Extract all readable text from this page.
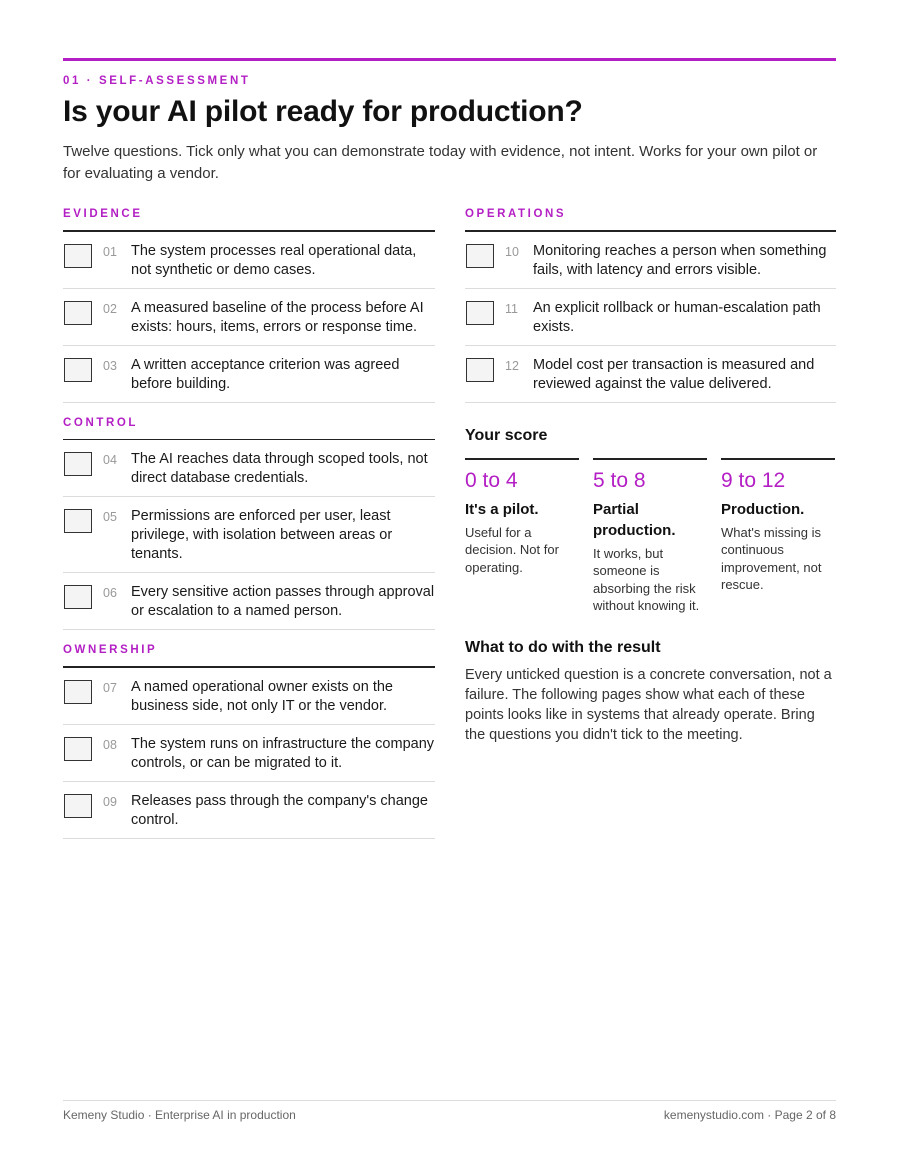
01 · SELF-ASSESSMENT
Is your AI pilot ready for production?

Twelve questions. Tick only what you can demonstrate today with evidence, not intent. Works for your own pilot or for evaluating a vendor.

EVIDENCE
01 The system processes real operational data, not synthetic or demo cases.
02 A measured baseline of the process before AI exists: hours, items, errors or response time.
03 A written acceptance criterion was agreed before building.
CONTROL
04 The AI reaches data through scoped tools, not direct database credentials.
05 Permissions are enforced per user, least privilege, with isolation between areas or tenants.
06 Every sensitive action passes through approval or escalation to a named person.
OWNERSHIP
07 A named operational owner exists on the business side, not only IT or the vendor.
08 The system runs on infrastructure the company controls, or can be migrated to it.
09 Releases pass through the company's change control.
OPERATIONS
10 Monitoring reaches a person when something fails, with latency and errors visible.
11 An explicit rollback or human-escalation path exists.
12 Model cost per transaction is measured and reviewed against the value delivered.
Your score
0 to 4
It's a pilot.
Useful for a decision. Not for operating.
5 to 8
Partial production.
It works, but someone is absorbing the risk without knowing it.
9 to 12
Production.
What's missing is continuous improvement, not rescue.
What to do with the result

Every unticked question is a concrete conversation, not a failure. The following pages show what each of these points looks like in systems that already operate. Bring the questions you didn't tick to the meeting.

Kemeny Studio · Enterprise AI in production	kemenystudio.com · Page 2 of 8
